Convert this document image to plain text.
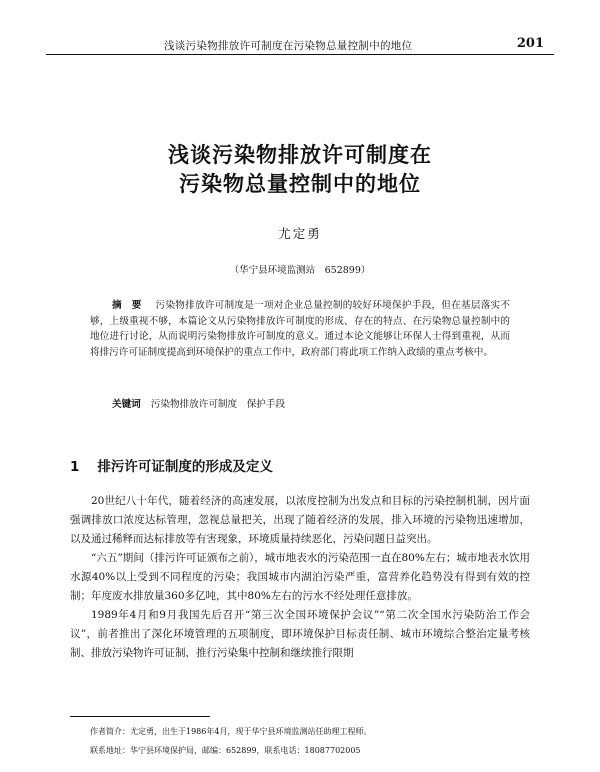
浅谈污染物排放许可制度在污染物总量控制中的地位	201
浅谈污染物排放许可制度在
污染物总量控制中的地位
尤定勇
（华宁县环境监测站　652899）
摘　要 污染物排放许可制度是一项对企业总量控制的较好环境保护手段，但在基层落实不够，上级重视不够，本篇论文从污染物排放许可制度的形成、存在的特点、在污染物总量控制中的地位进行讨论，从而说明污染物排放许可制度的意义。通过本论文能够让环保人士得到重视，从而将排污许可证制度提高到环境保护的重点工作中，政府部门将此项工作纳入政绩的重点考核中。
关键词 污染物排放许可制度　保护手段
1 排污许可证制度的形成及定义

20世纪八十年代，随着经济的高速发展，以浓度控制为出发点和目标的污染控制机制，因片面强调排放口浓度达标管理，忽视总量把关，出现了随着经济的发展，排入环境的污染物迅速增加，以及通过稀释而达标排放等有害现象，环境质量持续恶化，污染问题日益突出。

“六五”期间（排污许可证颁布之前），城市地表水的污染范围一直在80%左右；城市地表水饮用水源40%以上受到不同程度的污染；我国城市内湖泊污染严重，富营养化趋势没有得到有效的控制；年度废水排放量360多亿吨，其中80%左右的污水不经处理任意排放。

1989年4月和9月我国先后召开“第三次全国环境保护会议”“第二次全国水污染防治工作会议”，前者推出了深化环境管理的五项制度，即环境保护目标责任制、城市环境综合整治定量考核制、排放污染物许可证制，推行污染集中控制和继续推行限期

作者简介：尤定勇，出生于1986年4月，现于华宁县环境监测站任助理工程师。
联系地址：华宁县环境保护局，邮编：652899，联系电话：18087702005
